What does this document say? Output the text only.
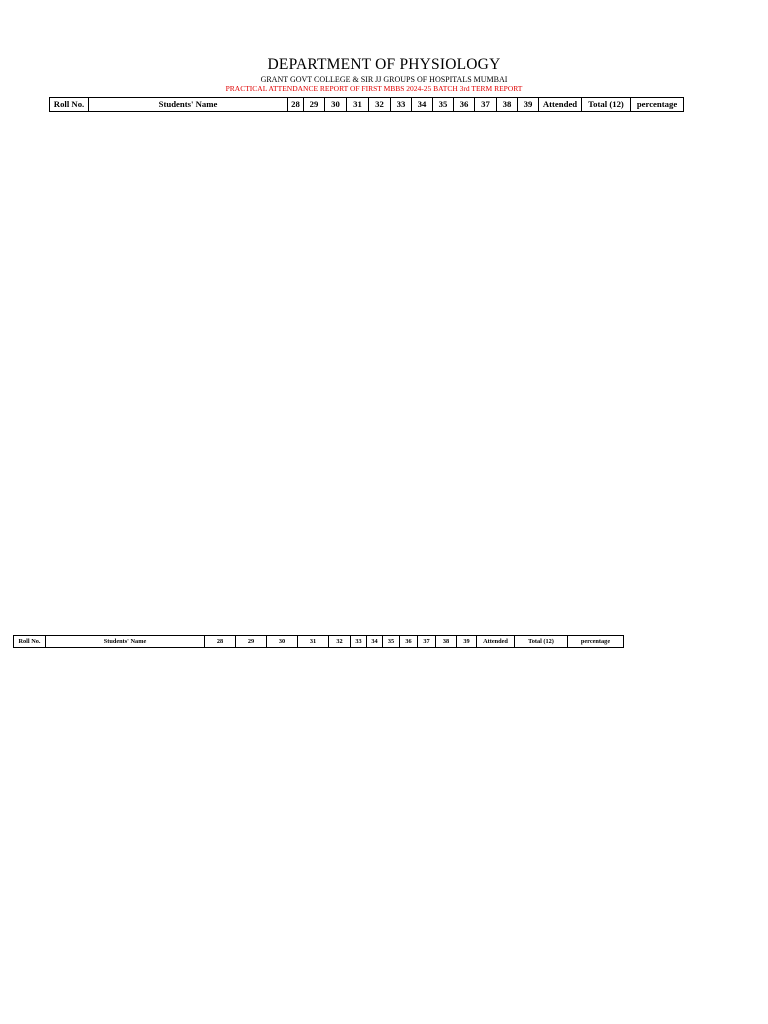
DEPARTMENT OF PHYSIOLOGY
GRANT GOVT COLLEGE & SIR JJ GROUPS OF HOSPITALS MUMBAI
PRACTICAL ATTENDANCE REPORT OF FIRST MBBS 2024-25 BATCH 3rd TERM REPORT
Roll No.	Students' Name	28	29	30	31	32	33	34	35	36	37	38	39	Attended	Total (12)	percentage
Roll No.	Students' Name	28	29	30	31	32	33	34	35	36	37	38	39	Attended	Total (12)	percentage
